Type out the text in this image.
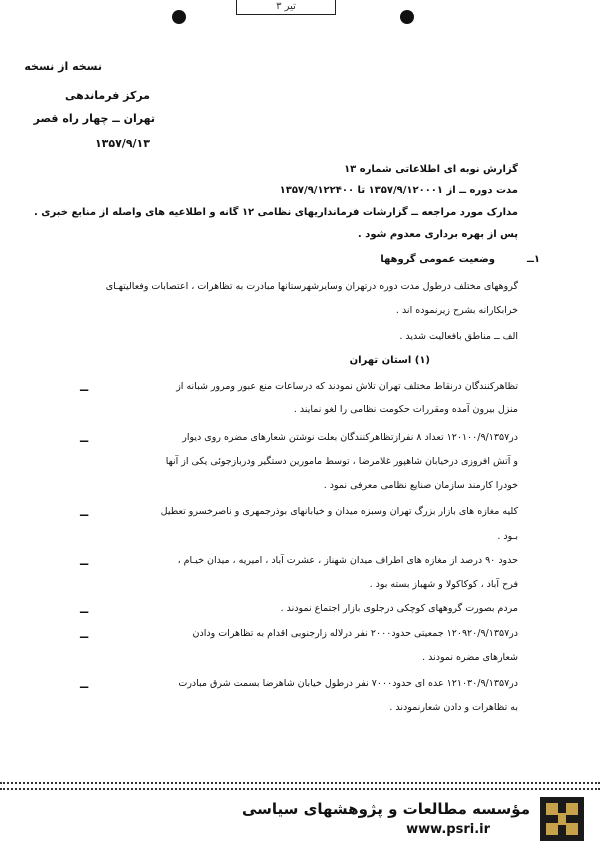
تیر ۳
نسخه از نسخه
مرکز فرماندهی
تهران ــ چهار راه قصر
۱۳۵۷/۹/۱۳
گزارش نوبه ای اطلاعاتی شماره ۱۳
مدت دوره ــ از ۱۳۵۷/۹/۱۲۰۰۰۱ تا ۱۳۵۷/۹/۱۲۲۴۰۰
مدارک مورد مراجعه ــ گزارشات فرمانداریهای نظامی ۱۲ گانه و اطلاعیه های واصله از منابع خبری .
پس از بهره برداری معدوم شود .
۱ــ
وضعیت عمومی گروهها
گروههای مختلف درطول مدت دوره درتهران وسایرشهرستانها مبادرت به تظاهرات ، اعتصابات وفعالیتهـای
خرابکارانه بشرح زیرنموده اند .
الف ــ مناطق بافعالیت شدید .
(۱) استان تهران
ــ	تظاهرکنندگان درنقاط مختلف تهران تلاش نمودند که درساعات منع عبور ومرور شبانه از
منزل بیرون آمده ومقررات حکومت نظامی را لغو نمایند .
ــ	در۱۲۰۱۰۰/۹/۱۳۵۷ تعداد ۸ نفرازتظاهرکنندگان بعلت نوشتن شعارهای مضره روی دیوار
و آتش افروزی درخیابان شاهپور غلامرضا ، توسط مامورین دستگیر ودربازجوئی یکی از آنها
خودرا کارمند سازمان صنایع نظامی معرفی نمود .
ــ	کلیه مغازه های بازار بزرگ تهران وسبزه میدان و خیابانهای بوذرجمهری و ناصرخسرو تعطیل
بـود .
ــ	حدود ۹۰ درصد از مغازه های اطراف میدان شهناز ، عشرت آباد ، امیریه ، میدان خیـام ،
فرح آباد ، کوکاکولا و شهباز بسته بود .
ــ	مردم بصورت گروههای کوچکی درجلوی بازار اجتماع نمودند .
ــ	در۱۲۰۹۲۰/۹/۱۳۵۷ جمعیتی حدود۲۰۰۰ نفر درلاله زارجنوبی اقدام به تظاهرات ودادن
شعارهای مضره نمودند .
ــ	در۱۲۱۰۳۰/۹/۱۳۵۷ عده ای حدود۷۰۰۰ نفر درطول خیابان شاهرضا بسمت شرق مبادرت
به تظاهرات و دادن شعارنمودند .
مؤسسه مطالعات و پژوهشهای سیاسی
www.psri.ir
